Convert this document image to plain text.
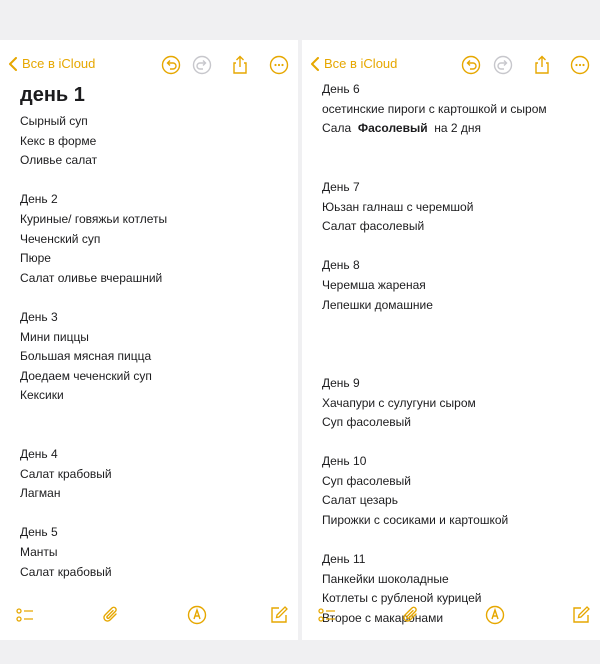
Все в iCloud
день 1
Сырный суп
Кекс в форме
Оливье салат
День 2
Куриные/ говяжьи котлеты
Чеченский суп
Пюре
Салат оливье вчерашний
День 3
Мини пиццы
Большая мясная пицца
Доедаем чеченский суп
Кексики
День 4
Салат крабовый
Лагман
День 5
Манты
Салат крабовый
Все в iCloud
День 6
осетинские пироги с картошкой и сыром
Сала Фасолевый на 2 дня
День 7
Юьзан галнаш с черемшой
Салат фасолевый
День 8
Черемша жареная
Лепешки домашние
День 9
Хачапури с сулугуни сыром
Суп фасолевый
День 10
Суп фасолевый
Салат цезарь
Пирожки с сосиками и картошкой
День 11
Панкейки шоколадные
Котлеты с рубленой курицей
Второе с макаронами
